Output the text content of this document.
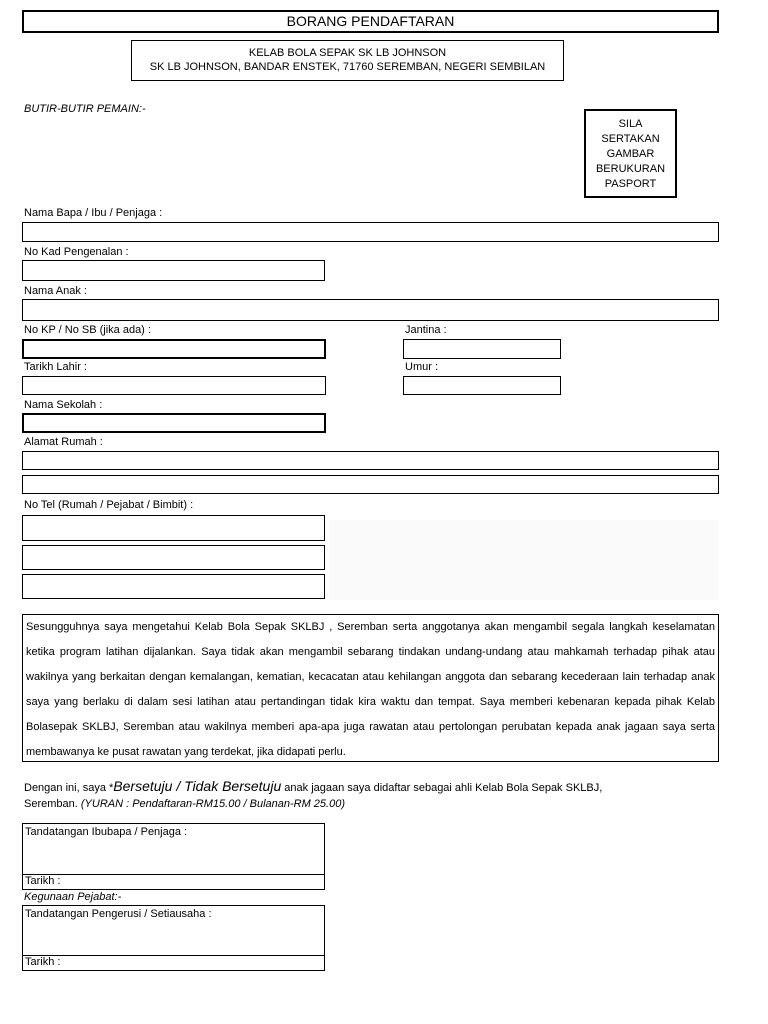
BORANG PENDAFTARAN
KELAB BOLA SEPAK SK LB JOHNSON
SK LB JOHNSON, BANDAR ENSTEK, 71760 SEREMBAN, NEGERI SEMBILAN
BUTIR-BUTIR PEMAIN:-
SILA
SERTAKAN
GAMBAR
BERUKURAN
PASPORT
Nama Bapa / Ibu / Penjaga :
No Kad Pengenalan :
Nama Anak :
No KP / No SB (jika ada) :	Jantina :
Tarikh Lahir :	Umur :
Nama Sekolah :
Alamat Rumah :
No Tel (Rumah / Pejabat / Bimbit) :
Sesungguhnya saya mengetahui Kelab Bola Sepak SKLBJ , Seremban serta anggotanya akan mengambil segala langkah keselamatan ketika program latihan dijalankan. Saya tidak akan mengambil sebarang tindakan undang-undang atau mahkamah terhadap pihak atau wakilnya yang berkaitan dengan kemalangan, kematian, kecacatan atau kehilangan anggota dan sebarang kecederaan lain terhadap anak saya yang berlaku di dalam sesi latihan atau pertandingan tidak kira waktu dan tempat. Saya memberi kebenaran kepada pihak Kelab Bolasepak SKLBJ, Seremban atau wakilnya memberi apa-apa juga rawatan atau pertolongan perubatan kepada anak jagaan saya serta membawanya ke pusat rawatan yang terdekat, jika didapati perlu.
Dengan ini, saya *Bersetuju / Tidak Bersetuju anak jagaan saya didaftar sebagai ahli Kelab Bola Sepak SKLBJ,
Seremban. (YURAN : Pendaftaran-RM15.00 / Bulanan-RM 25.00)
Tandatangan Ibubapa / Penjaga :
Tarikh :
Kegunaan Pejabat:-
Tandatangan Pengerusi / Setiausaha :
Tarikh :
